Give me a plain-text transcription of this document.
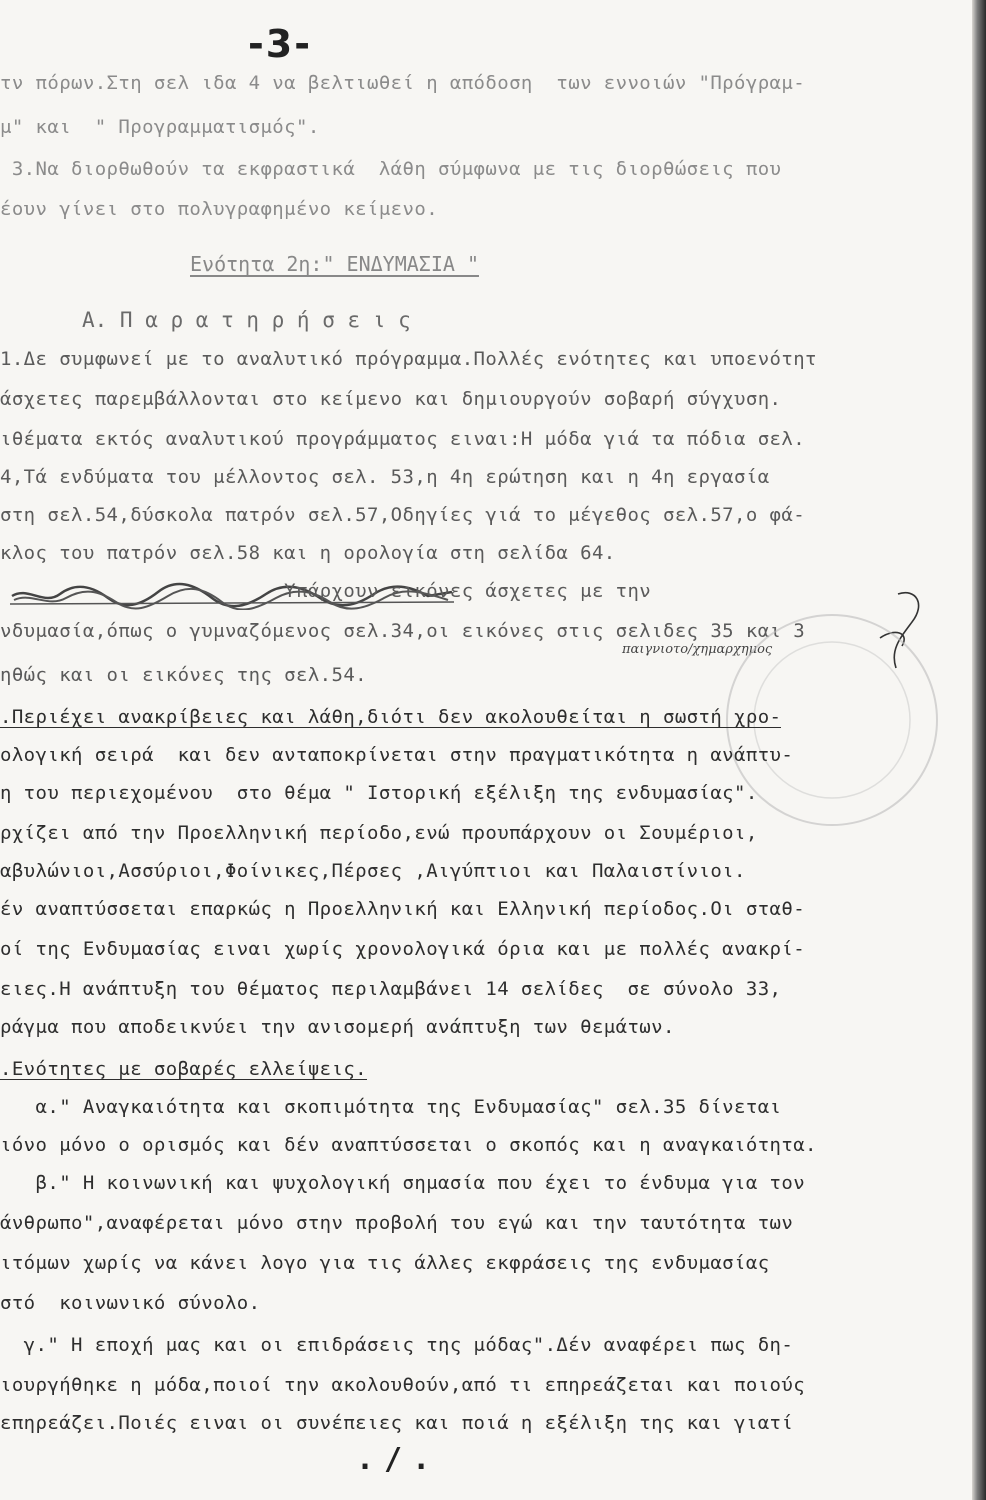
-3-
τν πόρων.Στη σελ ιδα 4 να βελτιωθεί η απόδοση  των εννοιών "Πρόγραμ-
μ" και  " Προγραμματισμός".
3.Να διορθωθούν τα εκφραστικά  λάθη σύμφωνα με τις διορθώσεις που
έουν γίνει στο πολυγραφημένο κείμενο.
Ενότητα 2η:" ΕΝΔΥΜΑΣΙΑ "
Α. Π α ρ α τ η ρ ή σ ε ι ς
1.Δε συμφωνεί με το αναλυτικό πρόγραμμα.Πολλές ενότητες και υποενότητ
άσχετες παρεμβάλλονται στο κείμενο και δημιουργούν σοβαρή σύγχυση.
ιθέματα εκτός αναλυτικού προγράμματος ειναι:Η μόδα γιά τα πόδια σελ.
4,Τά ενδύματα του μέλλοντος σελ. 53,η 4η ερώτηση και η 4η εργασία
στη σελ.54,δύσκολα πατρόν σελ.57,Οδηγίες γιά το μέγεθος σελ.57,ο φά-
κλος του πατρόν σελ.58 και η ορολογία στη σελίδα 64.
Υπάρχουν εικόνες άσχετες με την
νδυμασία,όπως ο γυμναζόμενος σελ.34,οι εικόνες στις σελιδες 35 και 3
παιγνιοτο/χημαρχημος
ηθώς και οι εικόνες της σελ.54.
.Περιέχει ανακρίβειες και λάθη,διότι δεν ακολουθείται η σωστή χρο-
ολογική σειρά  και δεν ανταποκρίνεται στην πραγματικότητα η ανάπτυ-
η του περιεχομένου  στο θέμα " Ιστορική εξέλιξη της ενδυμασίας".
ρχίζει από την Προελληνική περίοδο,ενώ προυπάρχουν οι Σουμέριοι,
αβυλώνιοι,Ασσύριοι,Φοίνικες,Πέρσες ,Αιγύπτιοι και Παλαιστίνιοι.
έν αναπτύσσεται επαρκώς η Προελληνική και Ελληνική περίοδος.Οι σταθ-
οί της Ενδυμασίας ειναι χωρίς χρονολογικά όρια και με πολλές ανακρί-
ειες.Η ανάπτυξη του θέματος περιλαμβάνει 14 σελίδες  σε σύνολο 33,
ράγμα που αποδεικνύει την ανισομερή ανάπτυξη των θεμάτων.
.Ενότητες με σοβαρές ελλείψεις.
α." Αναγκαιότητα και σκοπιμότητα της Ενδυμασίας" σελ.35 δίνεται
ιόνο μόνο ο ορισμός και δέν αναπτύσσεται ο σκοπός και η αναγκαιότητα.
β." Η κοινωνική και ψυχολογική σημασία που έχει το ένδυμα για τον
άνθρωπο",αναφέρεται μόνο στην προβολή του εγώ και την ταυτότητα των
ιτόμων χωρίς να κάνει λογο για τις άλλες εκφράσεις της ενδυμασίας
στό  κοινωνικό σύνολο.
γ." Η εποχή μας και οι επιδράσεις της μόδας".Δέν αναφέρει πως δη-
ιουργήθηκε η μόδα,ποιοί την ακολουθούν,από τι επηρεάζεται και ποιούς
επηρεάζει.Ποιές ειναι οι συνέπειες και ποιά η εξέλιξη της και γιατί
./.
